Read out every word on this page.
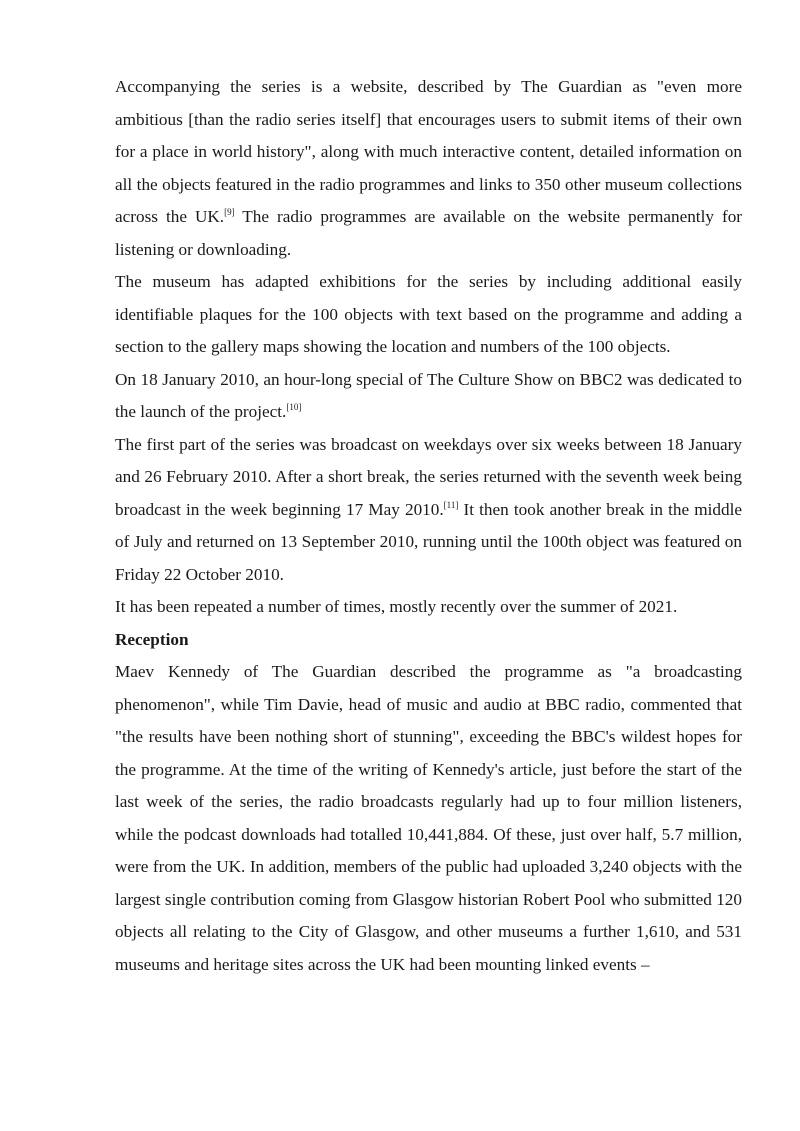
Accompanying the series is a website, described by The Guardian as "even more ambitious [than the radio series itself] that encourages users to submit items of their own for a place in world history", along with much interactive content, detailed information on all the objects featured in the radio programmes and links to 350 other museum collections across the UK.[9] The radio programmes are available on the website permanently for listening or downloading.

The museum has adapted exhibitions for the series by including additional easily identifiable plaques for the 100 objects with text based on the programme and adding a section to the gallery maps showing the location and numbers of the 100 objects.

On 18 January 2010, an hour-long special of The Culture Show on BBC2 was dedicated to the launch of the project.[10]

The first part of the series was broadcast on weekdays over six weeks between 18 January and 26 February 2010. After a short break, the series returned with the seventh week being broadcast in the week beginning 17 May 2010.[11] It then took another break in the middle of July and returned on 13 September 2010, running until the 100th object was featured on Friday 22 October 2010.

It has been repeated a number of times, mostly recently over the summer of 2021.

Reception

Maev Kennedy of The Guardian described the programme as "a broadcasting phenomenon", while Tim Davie, head of music and audio at BBC radio, commented that "the results have been nothing short of stunning", exceeding the BBC's wildest hopes for the programme. At the time of the writing of Kennedy's article, just before the start of the last week of the series, the radio broadcasts regularly had up to four million listeners, while the podcast downloads had totalled 10,441,884. Of these, just over half, 5.7 million, were from the UK. In addition, members of the public had uploaded 3,240 objects with the largest single contribution coming from Glasgow historian Robert Pool who submitted 120 objects all relating to the City of Glasgow, and other museums a further 1,610, and 531 museums and heritage sites across the UK had been mounting linked events –
